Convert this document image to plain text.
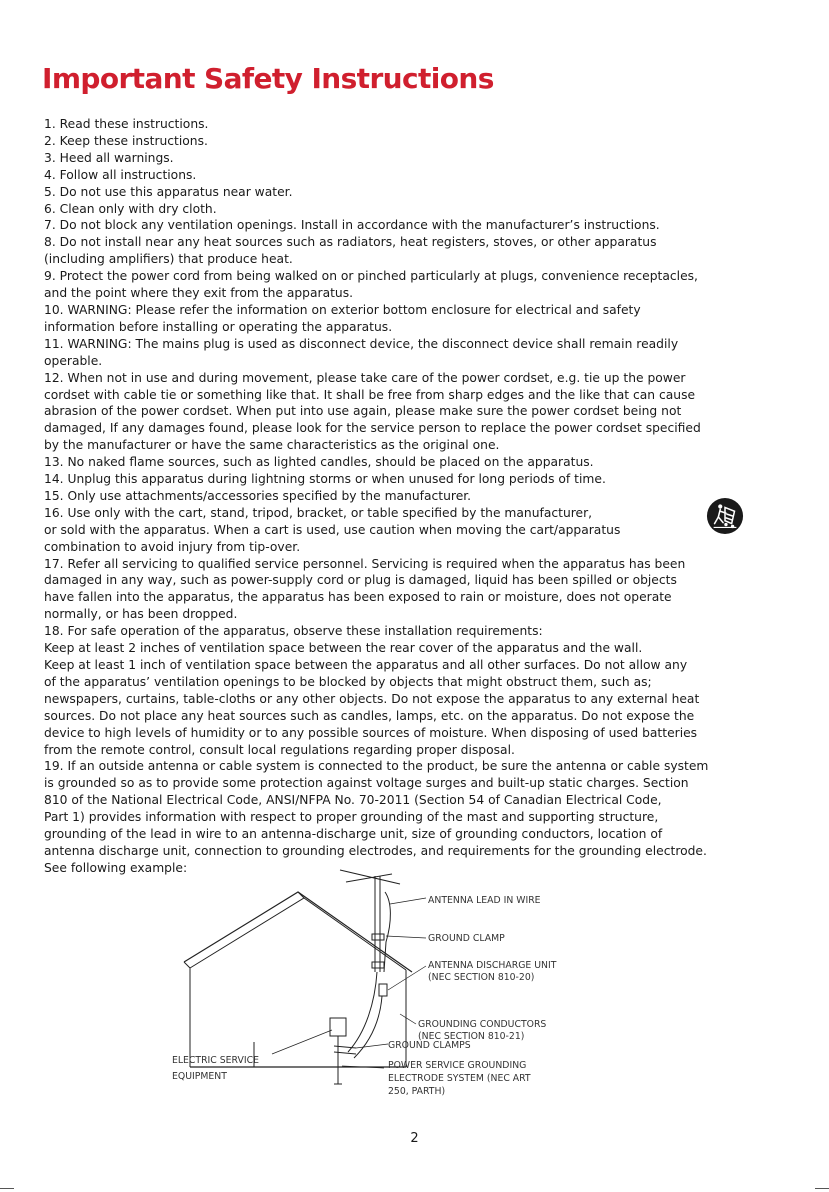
Important Safety Instructions

1. Read these instructions.

2. Keep these instructions.

3. Heed all warnings.

4. Follow all instructions.

5. Do not use this apparatus near water.

6. Clean only with dry cloth.

7. Do not block any ventilation openings. Install in accordance with the manufacturer’s instructions.

8. Do not install near any heat sources such as radiators, heat registers, stoves, or other apparatus

(including amplifiers) that produce heat.

9. Protect the power cord from being walked on or pinched particularly at plugs, convenience receptacles,

and the point where they exit from the apparatus.

10. WARNING: Please refer the information on exterior bottom enclosure for electrical and safety

information before installing or operating the apparatus.

11. WARNING: The mains plug is used as disconnect device, the disconnect device shall remain readily

operable.

12. When not in use and during movement, please take care of the power cordset, e.g. tie up the power

cordset with cable tie or something like that. It shall be free from sharp edges and the like that can cause

abrasion of the power cordset. When put into use again, please make sure the power cordset being not

damaged, If any damages found, please look for the service person to replace the power cordset specified

by the manufacturer or have the same characteristics as the original one.

13. No naked flame sources, such as lighted candles, should be placed on the apparatus.

14. Unplug this apparatus during lightning storms or when unused for long periods of time.

15. Only use attachments/accessories specified by the manufacturer.

16. Use only with the cart, stand, tripod, bracket, or table specified by the manufacturer,

or sold with the apparatus. When a cart is used, use caution when moving the cart/apparatus

combination to avoid injury from tip-over.

17. Refer all servicing to qualified service personnel. Servicing is required when the apparatus has been

damaged in any way, such as power-supply cord or plug is damaged, liquid has been spilled or objects

have fallen into the apparatus, the apparatus has been exposed to rain or moisture, does not operate

normally, or has been dropped.

18. For safe operation of the apparatus, observe these installation requirements:

Keep at least 2 inches of ventilation space between the rear cover of the apparatus and the wall.

Keep at least 1 inch of ventilation space between the apparatus and all other surfaces. Do not allow any

of the apparatus’ ventilation openings to be blocked by objects that might obstruct them, such as;

newspapers, curtains, table-cloths or any other objects. Do not expose the apparatus to any external heat

sources. Do not place any heat sources such as candles, lamps, etc. on the apparatus. Do not expose the

device to high levels of humidity or to any possible sources of moisture. When disposing of used batteries

from the remote control, consult local regulations regarding proper disposal.

19. If an outside antenna or cable system is connected to the product, be sure the antenna or cable system

is grounded so as to provide some protection against voltage surges and built-up static charges. Section

810 of the National Electrical Code, ANSI/NFPA No. 70-2011 (Section 54 of Canadian Electrical Code,

Part 1) provides information with respect to proper grounding of the mast and supporting structure,

grounding of the lead in wire to an antenna-discharge unit, size of grounding conductors, location of

antenna discharge unit, connection to grounding electrodes, and requirements for the grounding electrode.

See following example:

ANTENNA LEAD IN WIRE
GROUND CLAMP
ANTENNA DISCHARGE UNIT
(NEC SECTION 810-20)
GROUNDING CONDUCTORS
(NEC SECTION 810-21)
GROUND CLAMPS
ELECTRIC SERVICE
EQUIPMENT
POWER SERVICE GROUNDING
ELECTRODE SYSTEM (NEC ART
250, PARTH)
2
